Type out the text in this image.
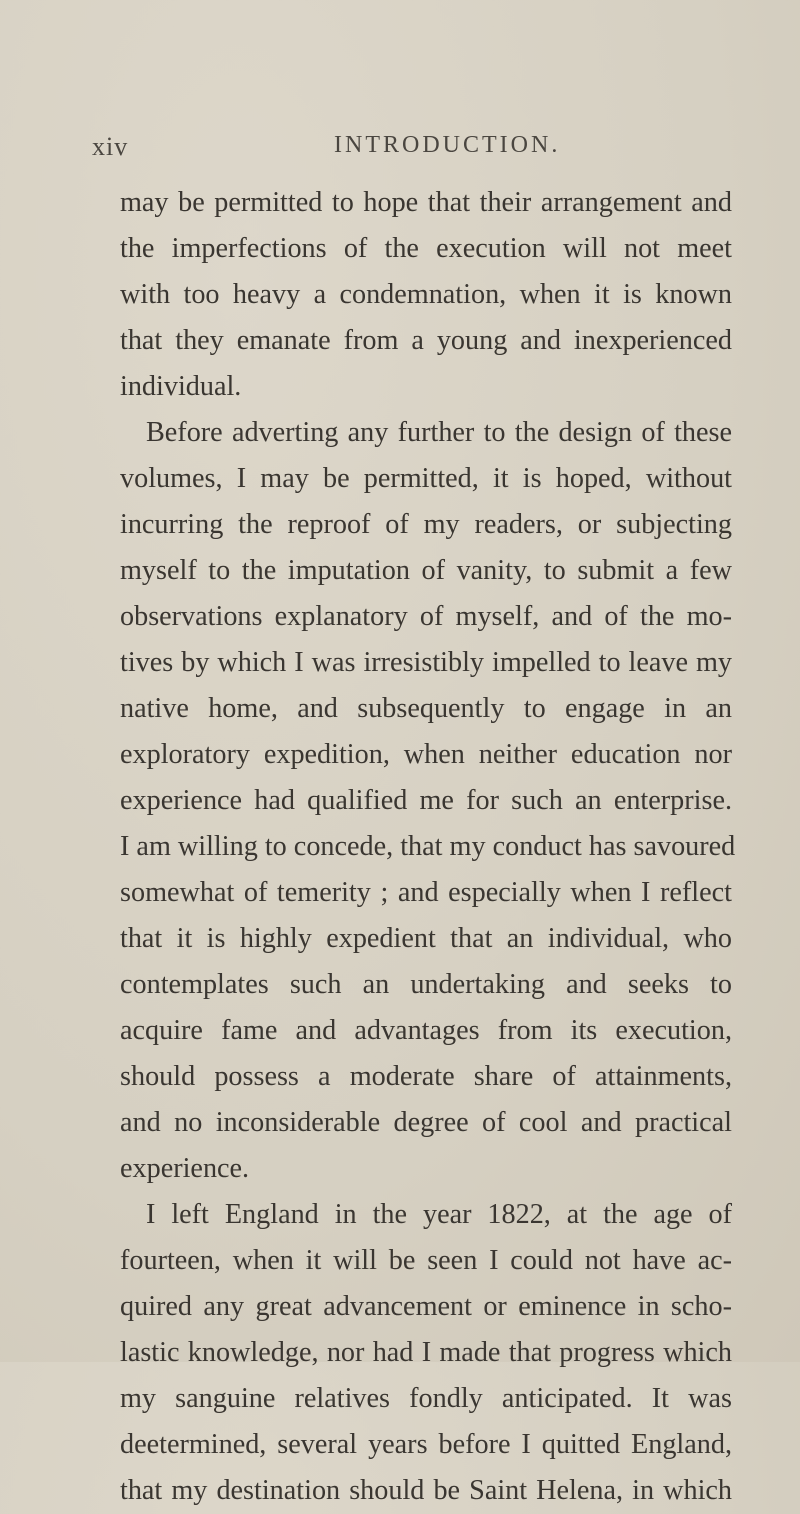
xiv	INTRODUCTION.
may be permitted to hope that their arrangement and
the imperfections of the execution will not meet
with too heavy a condemnation, when it is known
that they emanate from a young and inexperienced
individual.
Before adverting any further to the design of these
volumes, I may be permitted, it is hoped, without
incurring the reproof of my readers, or subjecting
myself to the imputation of vanity, to submit a few
observations explanatory of myself, and of the mo-
tives by which I was irresistibly impelled to leave my
native home, and subsequently to engage in an
exploratory expedition, when neither education nor
experience had qualified me for such an enterprise.
I am willing to concede, that my conduct has savoured
somewhat of temerity ; and especially when I reflect
that it is highly expedient that an individual, who
contemplates such an undertaking and seeks to
acquire fame and advantages from its execution,
should possess a moderate share of attainments,
and no inconsiderable degree of cool and practical
experience.
I left England in the year 1822, at the age of
fourteen, when it will be seen I could not have ac-
quired any great advancement or eminence in scho-
lastic knowledge, nor had I made that progress which
my sanguine relatives fondly anticipated. It was
deetermined, several years before I quitted England,
that my destination should be Saint Helena, in which
